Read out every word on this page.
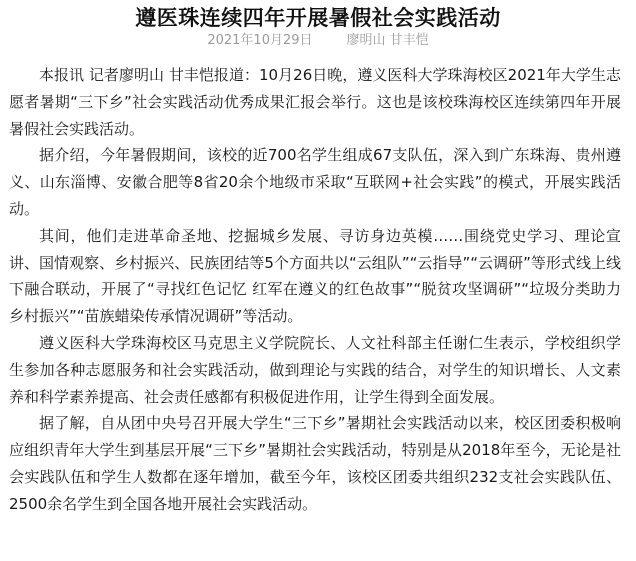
遵医珠连续四年开展暑假社会实践活动
2021年10月29日	廖明山 甘丰恺

本报讯 记者廖明山 甘丰恺报道：10月26日晚，遵义医科大学珠海校区2021年大学生志愿者暑期“三下乡”社会实践活动优秀成果汇报会举行。这也是该校珠海校区连续第四年开展暑假社会实践活动。

据介绍，今年暑假期间，该校的近700名学生组成67支队伍，深入到广东珠海、贵州遵义、山东淄博、安徽合肥等8省20余个地级市采取“互联网+社会实践”的模式，开展实践活动。

其间，他们走进革命圣地、挖掘城乡发展、寻访身边英模……围绕党史学习、理论宣讲、国情观察、乡村振兴、民族团结等5个方面共以“云组队”“云指导”“云调研”等形式线上线下融合联动，开展了“寻找红色记忆 红军在遵义的红色故事”“脱贫攻坚调研”“垃圾分类助力乡村振兴”“苗族蜡染传承情况调研”等活动。

遵义医科大学珠海校区马克思主义学院院长、人文社科部主任谢仁生表示，学校组织学生参加各种志愿服务和社会实践活动，做到理论与实践的结合，对学生的知识增长、人文素养和科学素养提高、社会责任感都有积极促进作用，让学生得到全面发展。

据了解，自从团中央号召开展大学生“三下乡”暑期社会实践活动以来，校区团委积极响应组织青年大学生到基层开展“三下乡”暑期社会实践活动，特别是从2018年至今，无论是社会实践队伍和学生人数都在逐年增加，截至今年，该校区团委共组织232支社会实践队伍、2500余名学生到全国各地开展社会实践活动。
